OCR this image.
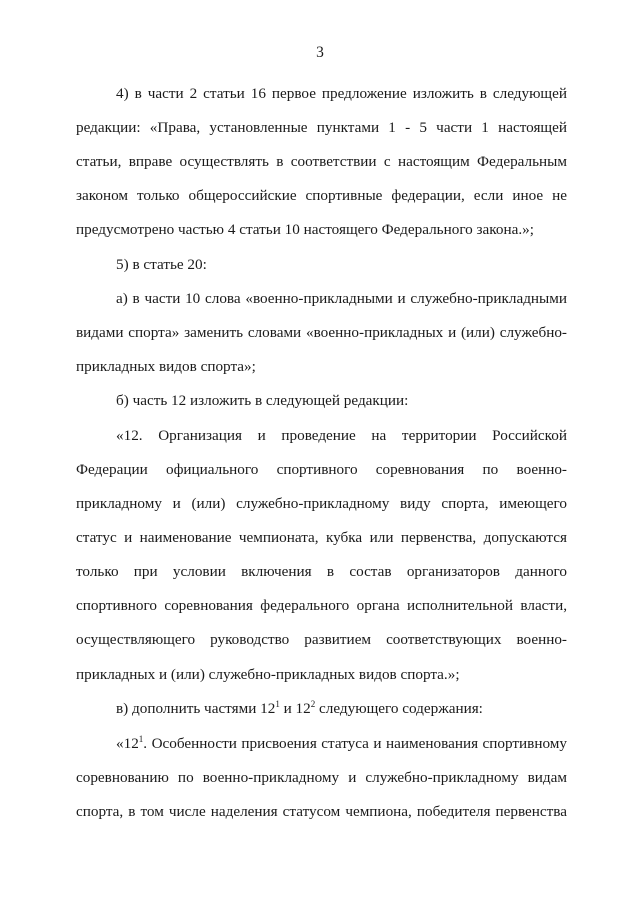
3
4) в части 2 статьи 16 первое предложение изложить в следующей
редакции: «Права, установленные пунктами 1 - 5 части 1 настоящей
статьи, вправе осуществлять в соответствии с настоящим Федеральным
законом только общероссийские спортивные федерации, если иное не
предусмотрено частью 4 статьи 10 настоящего Федерального закона.»;
5) в статье 20:
а) в части 10 слова «военно-прикладными и служебно-прикладными
видами спорта» заменить словами «военно-прикладных и (или) служебно-
прикладных видов спорта»;
б) часть 12 изложить в следующей редакции:
«12. Организация и проведение на территории Российской
Федерации официального спортивного соревнования по военно-
прикладному и (или) служебно-прикладному виду спорта, имеющего
статус и наименование чемпионата, кубка или первенства, допускаются
только при условии включения в состав организаторов данного
спортивного соревнования федерального органа исполнительной власти,
осуществляющего руководство развитием соответствующих военно-
прикладных и (или) служебно-прикладных видов спорта.»;
в) дополнить частями $12^1$ и $12^2$ следующего содержания:
«$12^1$. Особенности присвоения статуса и наименования спортивному
соревнованию по военно-прикладному и служебно-прикладному видам
спорта, в том числе наделения статусом чемпиона, победителя первенства
